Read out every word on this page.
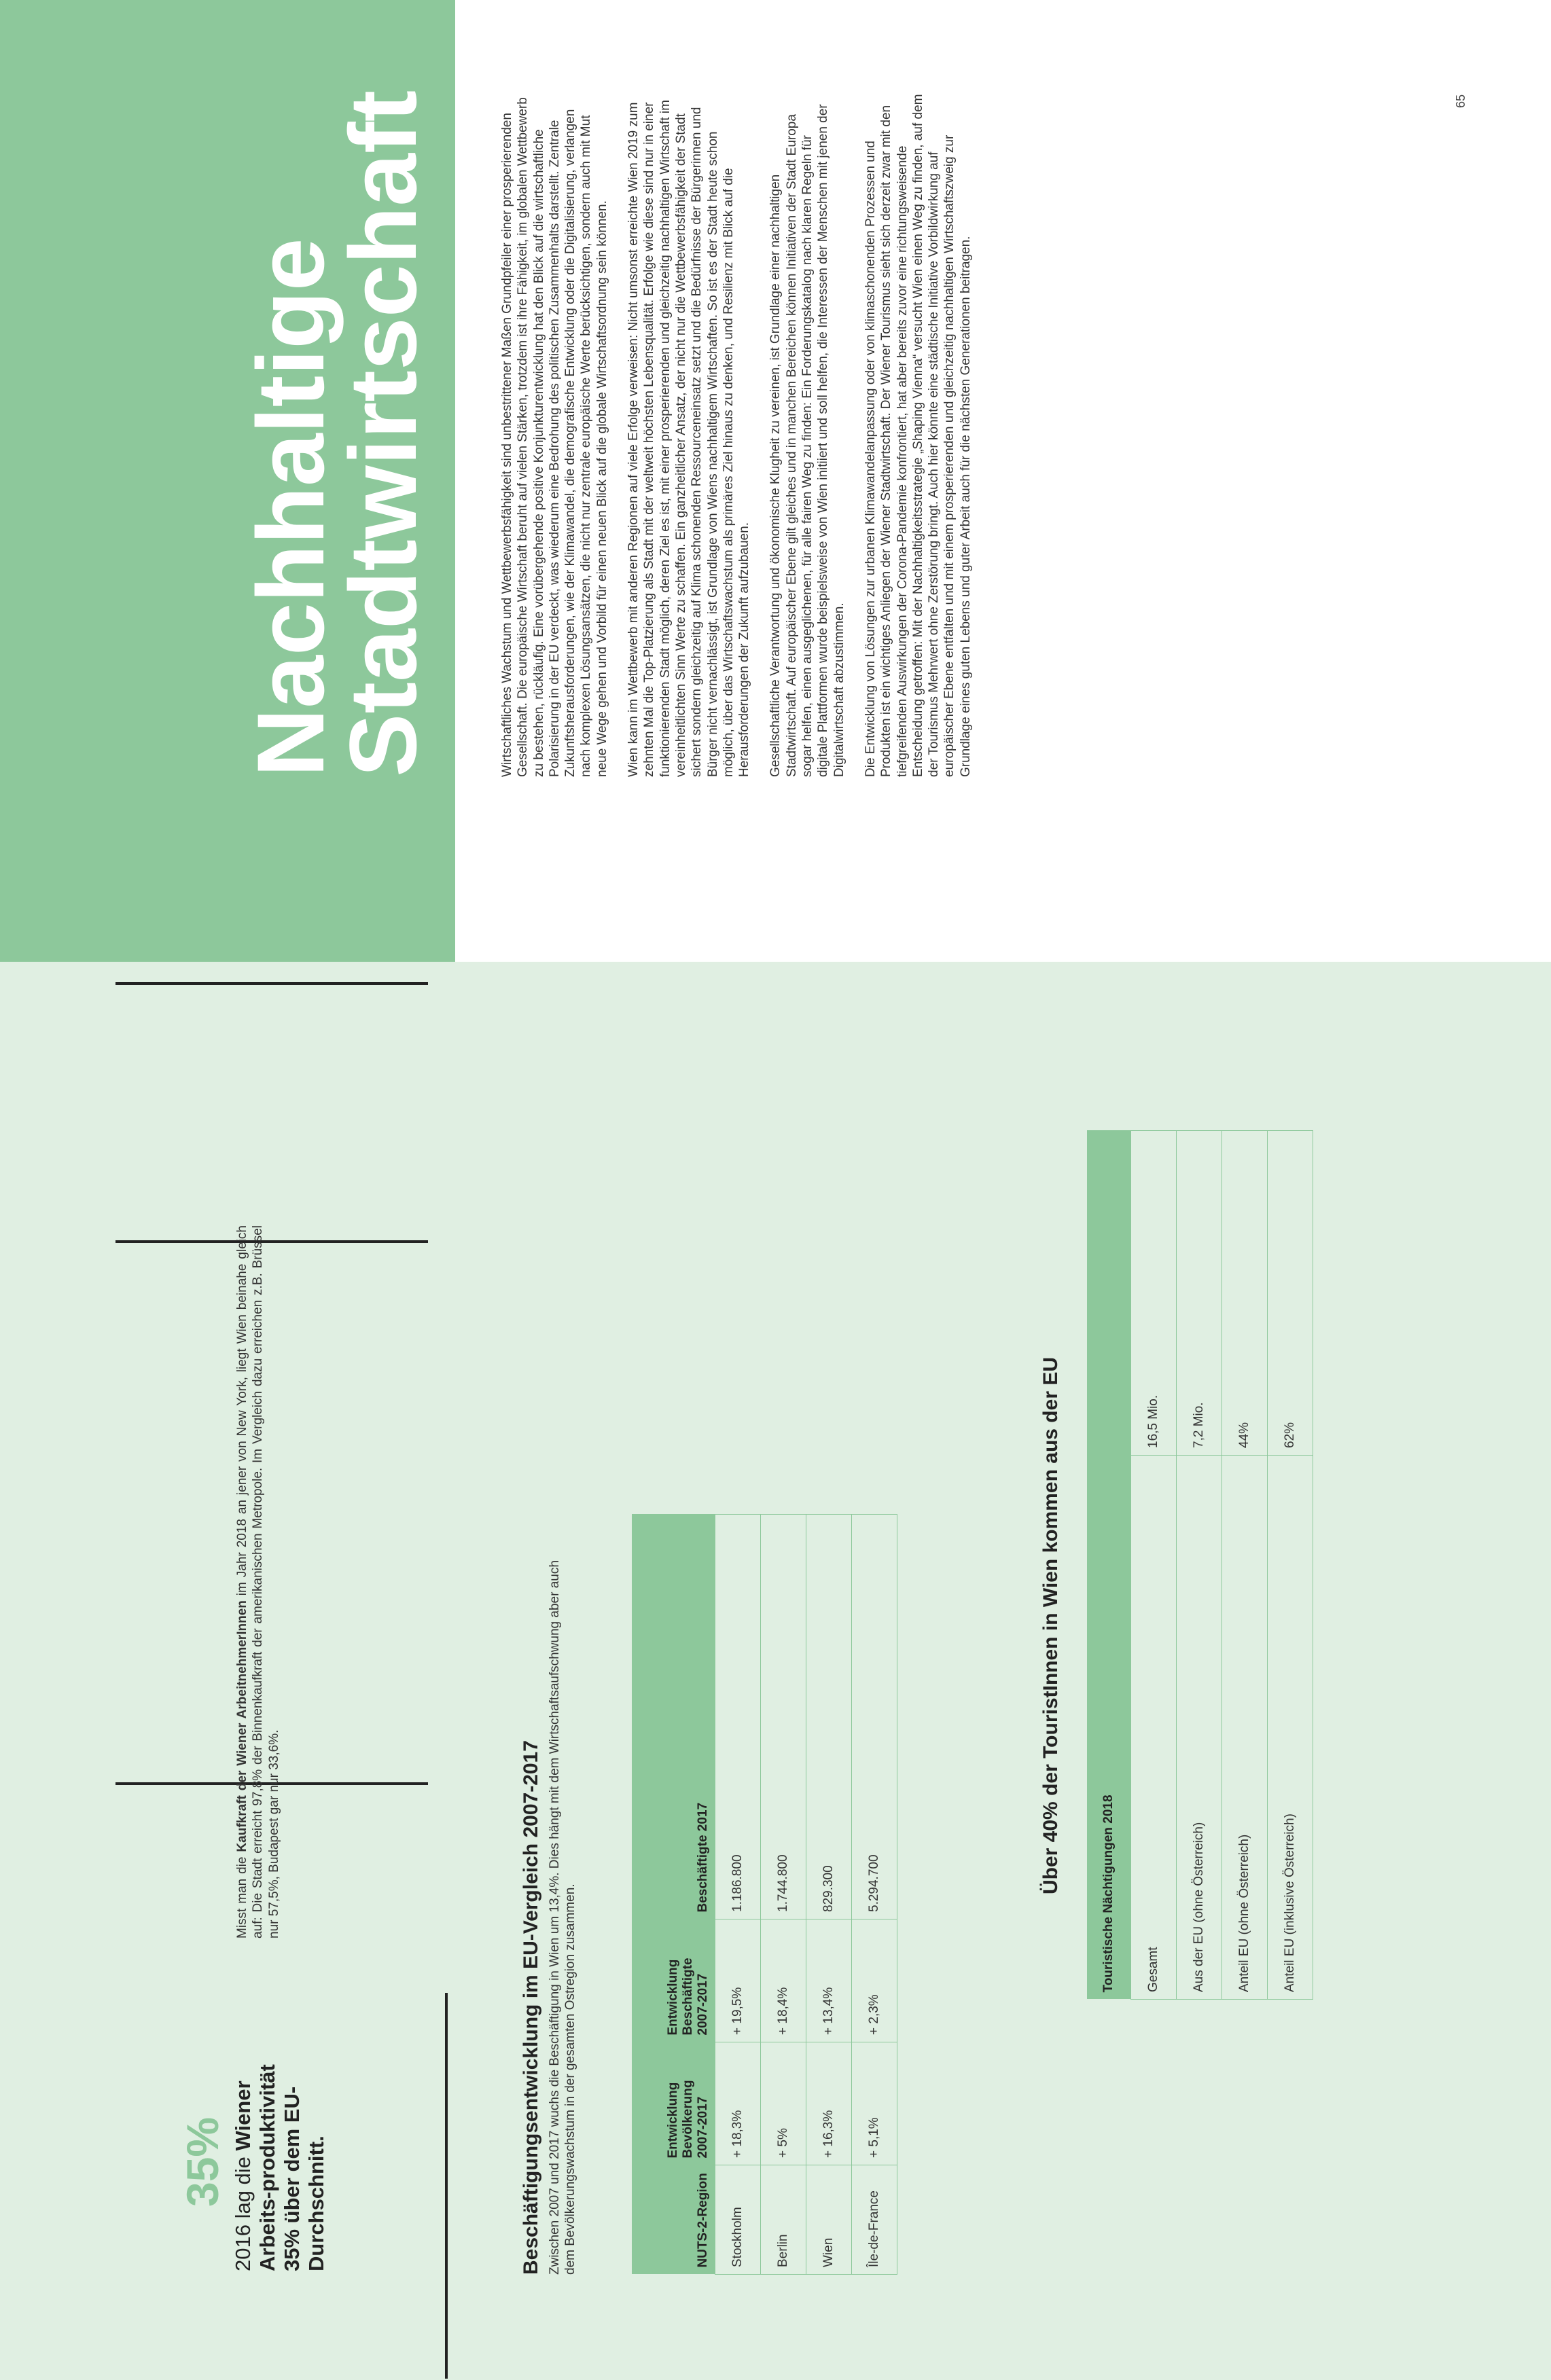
Nachhaltige
Stadtwirtschaft	Wirtschaftliches Wachstum und Wettbewerbsfähigkeit sind unbestrittener Maßen Grundpfeiler einer prosperierenden Gesellschaft. Die europäische Wirtschaft beruht auf vielen Stärken, trotzdem ist ihre Fähigkeit, im globalen Wettbewerb zu bestehen, rückläufig. Eine vorübergehende positive Konjunkturentwicklung hat den Blick auf die wirtschaftliche Polarisierung in der EU verdeckt, was wiederum eine Bedrohung des politischen Zusammenhalts darstellt. Zentrale Zukunftsherausforderungen, wie der Klimawandel, die demografische Entwicklung oder die Digitalisierung, verlangen nach komplexen Lösungsansätzen, die nicht nur zentrale europäische Werte berücksichtigen, sondern auch mit Mut neue Wege gehen und Vorbild für einen neuen Blick auf die globale Wirtschaftsordnung sein können. Wien kann im Wettbewerb mit anderen Regionen auf viele Erfolge verweisen: Nicht umsonst erreichte Wien 2019 zum zehnten Mal die Top-Platzierung als Stadt mit der weltweit höchsten Lebensqualität. Erfolge wie diese sind nur in einer funktionierenden Stadt möglich, deren Ziel es ist, mit einer prosperierenden und gleichzeitig nachhaltigen Wirtschaft im vereinheitlichten Sinn Werte zu schaffen. Ein ganzheitlicher Ansatz, der nicht nur die Wettbewerbsfähigkeit der Stadt sichert sondern gleichzeitig auf Klima schonenden Ressourceneinsatz setzt und die Bedürfnisse der Bürgerinnen und Bürger nicht vernachlässigt, ist Grundlage von Wiens nachhaltigem Wirtschaften. So ist es der Stadt heute schon möglich, über das Wirtschaftswachstum als primäres Ziel hinaus zu denken, und Resilienz mit Blick auf die Herausforderungen der Zukunft aufzubauen. Gesellschaftliche Verantwortung und ökonomische Klugheit zu vereinen, ist Grundlage einer nachhaltigen Stadtwirtschaft. Auf europäischer Ebene gilt gleiches und in manchen Bereichen können Initiativen der Stadt Europa sogar helfen, einen ausgeglichenen, für alle fairen Weg zu finden: Ein Forderungskatalog nach klaren Regeln für digitale Plattformen wurde beispielsweise von Wien initiiert und soll helfen, die Interessen der Menschen mit jenen der Digitalwirtschaft abzustimmen. Die Entwicklung von Lösungen zur urbanen Klimawandelanpassung oder von klimaschonenden Prozessen und Produkten ist ein wichtiges Anliegen der Wiener Stadtwirtschaft. Der Wiener Tourismus sieht sich derzeit zwar mit den tiefgreifenden Auswirkungen der Corona-Pandemie konfrontiert, hat aber bereits zuvor eine richtungsweisende Entscheidung getroffen: Mit der Nachhaltigkeitsstrategie „Shaping Vienna“ versucht Wien einen Weg zu finden, auf dem der Tourismus Mehrwert ohne Zerstörung bringt. Auch hier könnte eine städtische Initiative Vorbildwirkung auf europäischer Ebene entfalten und mit einem prosperierenden und gleichzeitig nachhaltigen Wirtschaftszweig zur Grundlage eines guten Lebens und guter Arbeit auch für die nächsten Generationen beitragen.

65
35% 2016 lag die Wiener Arbeits-produktivität 35% über dem EU-Durchschnitt.
Misst man die Kaufkraft der Wiener ArbeitnehmerInnen im Jahr 2018 an jener von New York, liegt Wien beinahe gleich auf: Die Stadt erreicht 97,8% der Binnenkaufkraft der amerikanischen Metropole. Im Vergleich dazu erreichen z.B. Brüssel nur 57,5%, Budapest gar nur 33,6%.	Beschäftigungsentwicklung im EU-Vergleich 2007-2017 Zwischen 2007 und 2017 wuchs die Beschäftigung in Wien um 13,4%. Dies hängt mit dem Wirtschaftsaufschwung aber auch dem Bevölkerungswachstum in der gesamten Ostregion zusammen.	NUTS-2-Region	Entwicklung Bevölkerung 2007-2017	Entwicklung Beschäftigte 2007-2017	Beschäftigte 2017
Stockholm	+ 18,3%	+ 19,5%	1.186.800
Berlin	+ 5%	+ 18,4%	1.744.800
Wien	+ 16,3%	+ 13,4%	829.300
Île-de-France	+ 5,1%	+ 2,3%	5.294.700	Über 40% der TouristInnen in Wien kommen aus der EU	Touristische Nächtigungen 2018	
Gesamt	16,5 Mio.
Aus der EU (ohne Österreich)	7,2 Mio.
Anteil EU (ohne Österreich)	44%
Anteil EU (inklusive Österreich)	62%
